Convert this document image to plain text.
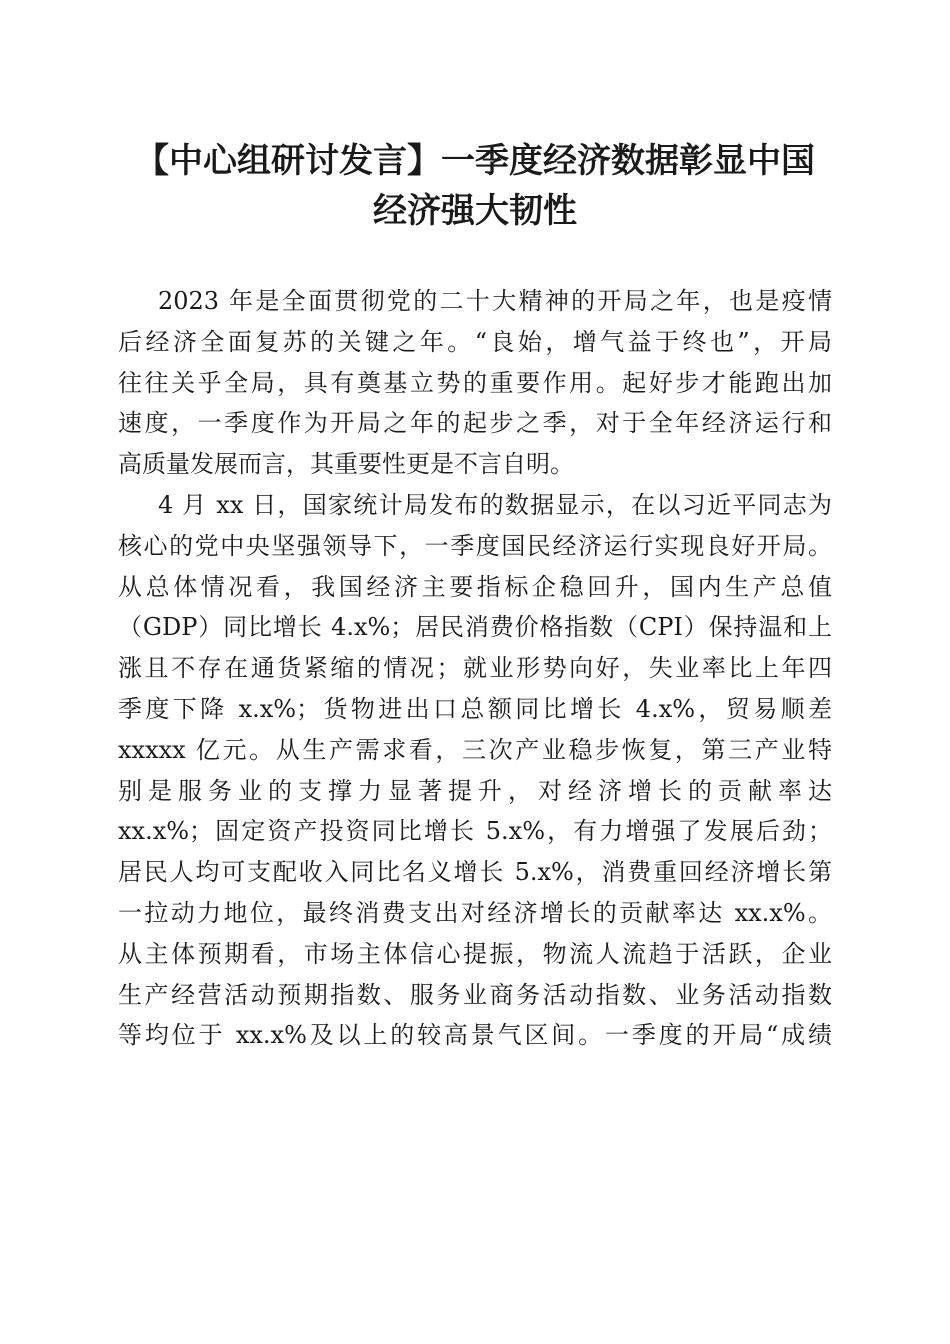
【中心组研讨发言】一季度经济数据彰显中国
经济强大韧性
2023 年是全面贯彻党的二十大精神的开局之年，也是疫情
后经济全面复苏的关键之年。“良始，增气益于终也”，开局
往往关乎全局，具有奠基立势的重要作用。起好步才能跑出加
速度，一季度作为开局之年的起步之季，对于全年经济运行和
高质量发展而言，其重要性更是不言自明。
4 月 xx 日，国家统计局发布的数据显示，在以习近平同志为
核心的党中央坚强领导下，一季度国民经济运行实现良好开局。
从总体情况看，我国经济主要指标企稳回升，国内生产总值
（GDP）同比增长 4.x%；居民消费价格指数（CPI）保持温和上
涨且不存在通货紧缩的情况；就业形势向好，失业率比上年四
季度下降 x.x%；货物进出口总额同比增长 4.x%，贸易顺差
xxxxx 亿元。从生产需求看，三次产业稳步恢复，第三产业特
别是服务业的支撑力显著提升，对经济增长的贡献率达
xx.x%；固定资产投资同比增长 5.x%，有力增强了发展后劲；
居民人均可支配收入同比名义增长 5.x%，消费重回经济增长第
一拉动力地位，最终消费支出对经济增长的贡献率达 xx.x%。
从主体预期看，市场主体信心提振，物流人流趋于活跃，企业
生产经营活动预期指数、服务业商务活动指数、业务活动指数
等均位于 xx.x%及以上的较高景气区间。一季度的开局“成绩
